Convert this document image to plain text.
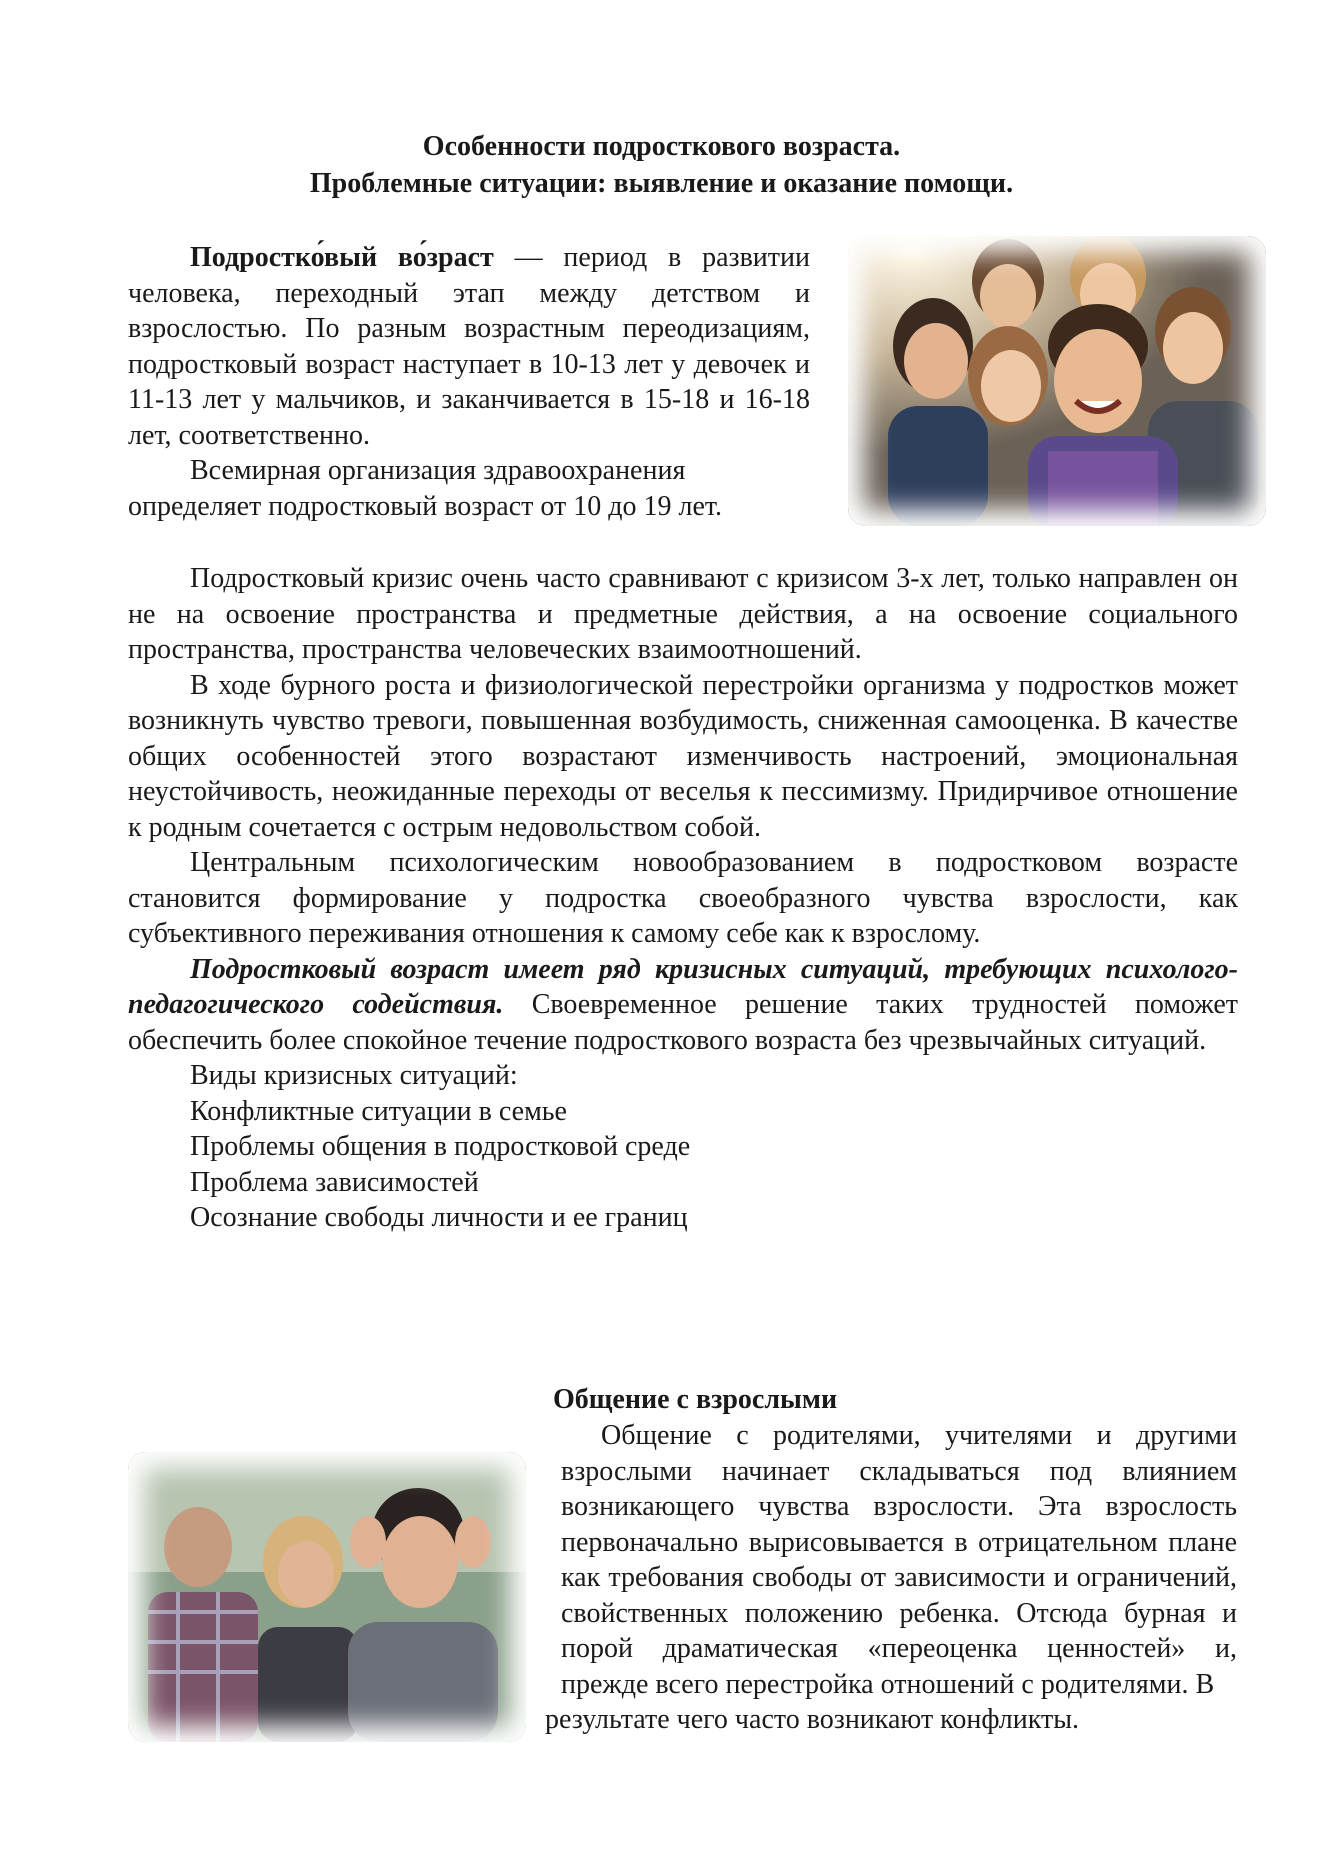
Особенности подросткового возраста.
Проблемные ситуации: выявление и оказание помощи.

Подростко́вый во́зраст — период в развитии человека, переходный этап между детством и взрослостью. По разным возрастным переодизациям, подростковый возраст наступает в 10-13 лет у девочек и 11-13 лет у мальчиков, и заканчивается в 15-18 и 16-18 лет, соответственно.

Всемирная организация здравоохранения определяет подростковый возраст от 10 до 19 лет.

Подростковый кризис очень часто сравнивают с кризисом 3-х лет, только направлен он не на освоение пространства и предметные действия, а на освоение социального пространства, пространства человеческих взаимоотношений.

В ходе бурного роста и физиологической перестройки организма у подростков может возникнуть чувство тревоги, повышенная возбудимость, сниженная самооценка. В качестве общих особенностей этого возрастают изменчивость настроений, эмоциональная неустойчивость, неожиданные переходы от веселья к пессимизму. Придирчивое отношение к родным сочетается с острым недовольством собой.

Центральным психологическим новообразованием в подростковом возрасте становится формирование у подростка своеобразного чувства взрослости, как субъективного переживания отношения к самому себе как к взрослому.

Подростковый возраст имеет ряд кризисных ситуаций, требующих психолого-педагогического содействия. Своевременное решение таких трудностей поможет обеспечить более спокойное течение подросткового возраста без чрезвычайных ситуаций.

Виды кризисных ситуаций:
Конфликтные ситуации в семье
Проблемы общения в подростковой среде
Проблема зависимостей
Осознание свободы личности и ее границ
Общение с взрослыми

Общение с родителями, учителями и другими взрослыми начинает складываться под влиянием возникающего чувства взрослости. Эта взрослость первоначально вырисовывается в отрицательном плане как требования свободы от зависимости и ограничений, свойственных положению ребенка. Отсюда бурная и порой драматическая «переоценка ценностей» и, прежде всего перестройка отношений с родителями. В

результате чего часто возникают конфликты.
